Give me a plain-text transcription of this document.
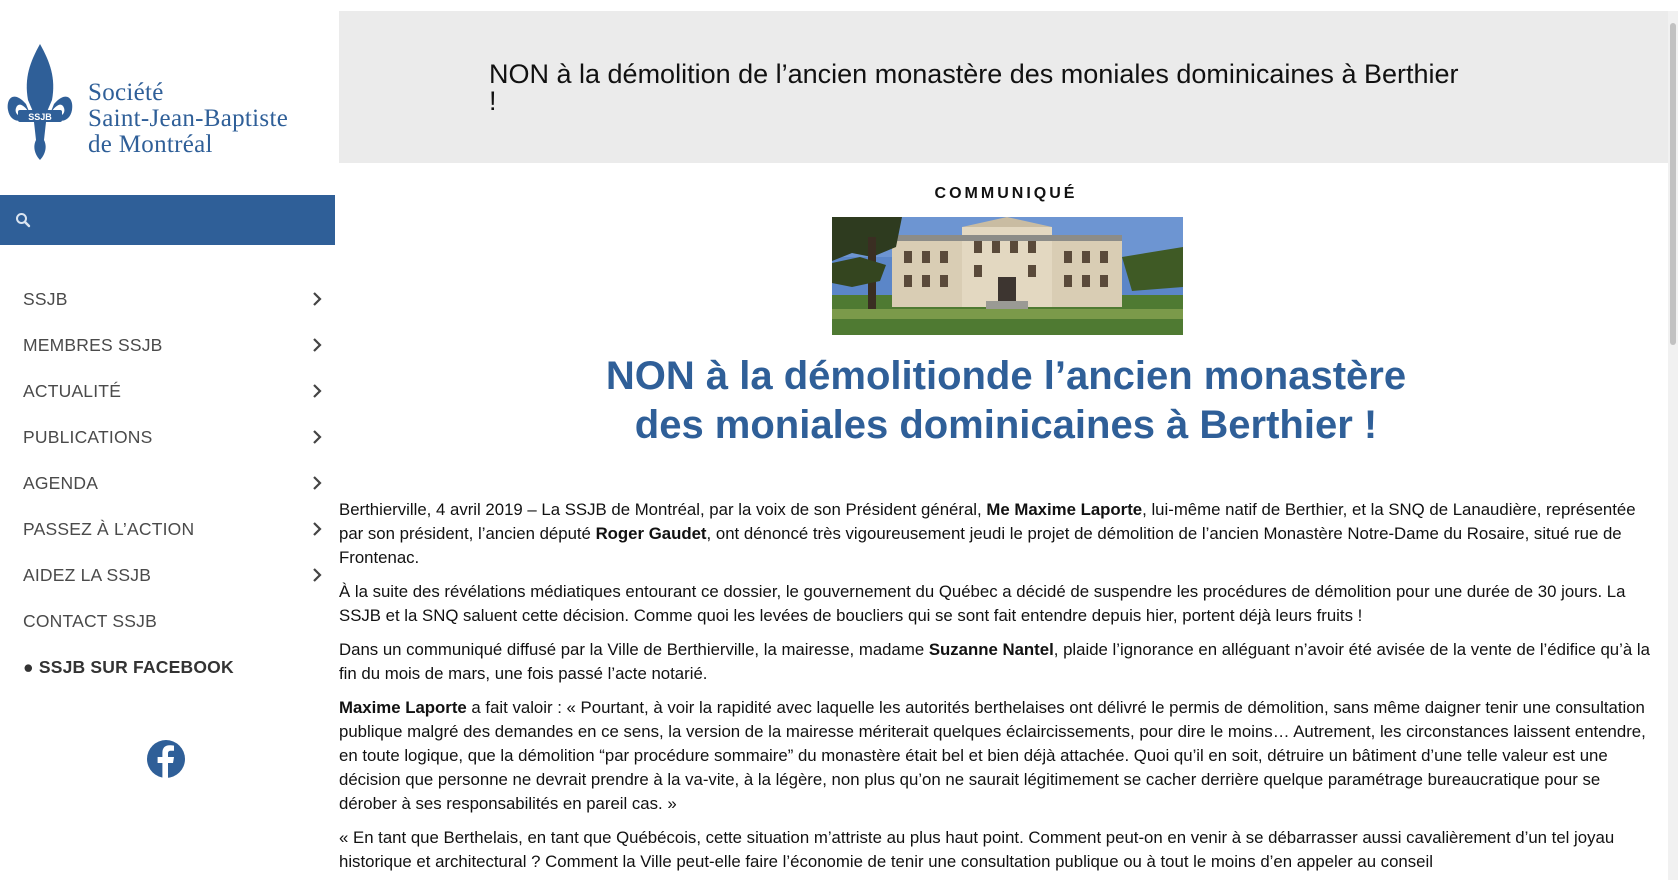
SSJB
Société
Saint-Jean-Baptiste
de Montréal
SSJB
MEMBRES SSJB
ACTUALITÉ
PUBLICATIONS
AGENDA
PASSEZ À L’ACTION
AIDEZ LA SSJB
CONTACT SSJB
● SSJB SUR FACEBOOK
NON à la démolition de l’ancien monastère des moniales dominicaines à Berthier !
COMMUNIQUÉ
NON à la démolitionde l’ancien monastère
des moniales dominicaines à Berthier !

Berthierville, 4 avril 2019 – La SSJB de Montréal, par la voix de son Président général, Me Maxime Laporte, lui-même natif de Berthier, et la SNQ de Lanaudière, représentée par son président, l’ancien député Roger Gaudet, ont dénoncé très vigoureusement jeudi le projet de démolition de l’ancien Monastère Notre-Dame du Rosaire, situé rue de Frontenac.

À la suite des révélations médiatiques entourant ce dossier, le gouvernement du Québec a décidé de suspendre les procédures de démolition pour une durée de 30 jours. La SSJB et la SNQ saluent cette décision. Comme quoi les levées de boucliers qui se sont fait entendre depuis hier, portent déjà leurs fruits !

Dans un communiqué diffusé par la Ville de Berthierville, la mairesse, madame Suzanne Nantel, plaide l’ignorance en alléguant n’avoir été avisée de la vente de l’édifice qu’à la fin du mois de mars, une fois passé l’acte notarié.

Maxime Laporte a fait valoir : « Pourtant, à voir la rapidité avec laquelle les autorités berthelaises ont délivré le permis de démolition, sans même daigner tenir une consultation publique malgré des demandes en ce sens, la version de la mairesse mériterait quelques éclaircissements, pour dire le moins… Autrement, les circonstances laissent entendre, en toute logique, que la démolition “par procédure sommaire” du monastère était bel et bien déjà attachée. Quoi qu’il en soit, détruire un bâtiment d’une telle valeur est une décision que personne ne devrait prendre à la va-vite, à la légère, non plus qu’on ne saurait légitimement se cacher derrière quelque paramétrage bureaucratique pour se dérober à ses responsabilités en pareil cas. »

« En tant que Berthelais, en tant que Québécois, cette situation m’attriste au plus haut point. Comment peut-on en venir à se débarrasser aussi cavalièrement d’un tel joyau historique et architectural ? Comment la Ville peut-elle faire l’économie de tenir une consultation publique ou à tout le moins d’en appeler au conseil
